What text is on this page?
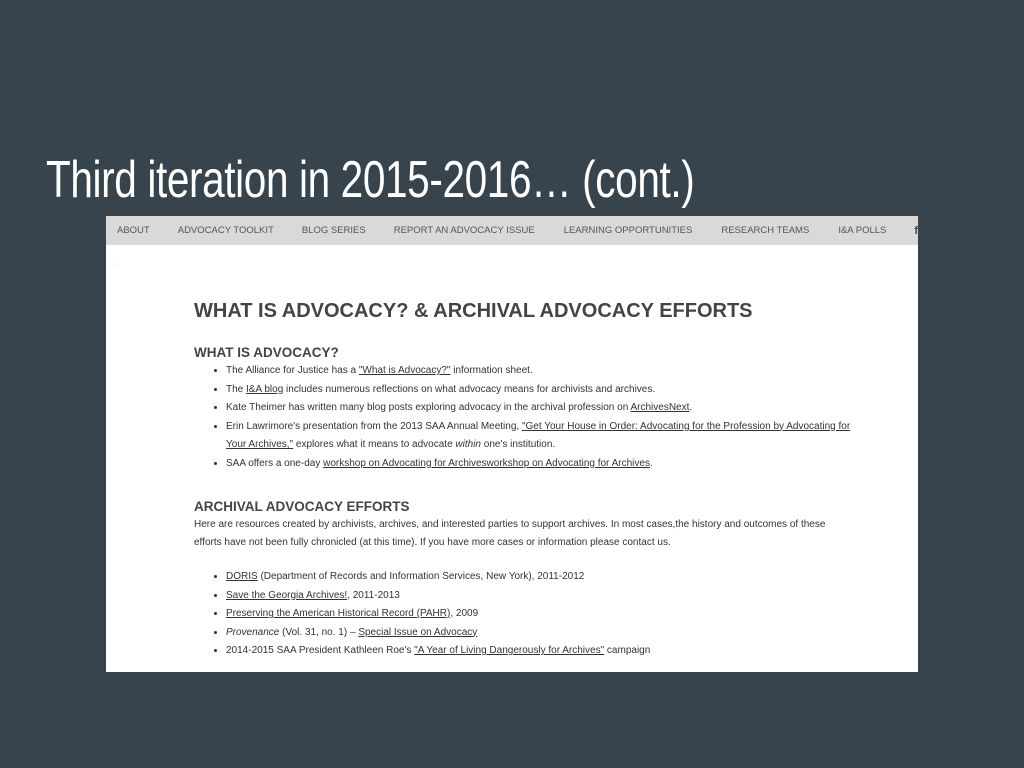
Third iteration in 2015-2016… (cont.)
ABOUT	ADVOCACY TOOLKIT	BLOG SERIES	REPORT AN ADVOCACY ISSUE	LEARNING OPPORTUNITIES	RESEARCH TEAMS	I&A POLLS	f
⌂
WHAT IS ADVOCACY? & ARCHIVAL ADVOCACY EFFORTS
WHAT IS ADVOCACY?
• The Alliance for Justice has a "What is Advocacy?" information sheet.
• The I&A blog includes numerous reflections on what advocacy means for archivists and archives.
• Kate Theimer has written many blog posts exploring advocacy in the archival profession on ArchivesNext.
• Erin Lawrimore's presentation from the 2013 SAA Annual Meeting, "Get Your House in Order: Advocating for the Profession by Advocating for Your Archives," explores what it means to advocate within one's institution.
• SAA offers a one-day workshop on Advocating for Archivesworkshop on Advocating for Archives.
ARCHIVAL ADVOCACY EFFORTS

Here are resources created by archivists, archives, and interested parties to support archives. In most cases,the history and outcomes of these efforts have not been fully chronicled (at this time). If you have more cases or information please contact us.

• DORIS (Department of Records and Information Services, New York), 2011-2012
• Save the Georgia Archives!, 2011-2013
• Preserving the American Historical Record (PAHR), 2009
• Provenance (Vol. 31, no. 1) – Special Issue on Advocacy
• 2014-2015 SAA President Kathleen Roe's "A Year of Living Dangerously for Archives" campaign
